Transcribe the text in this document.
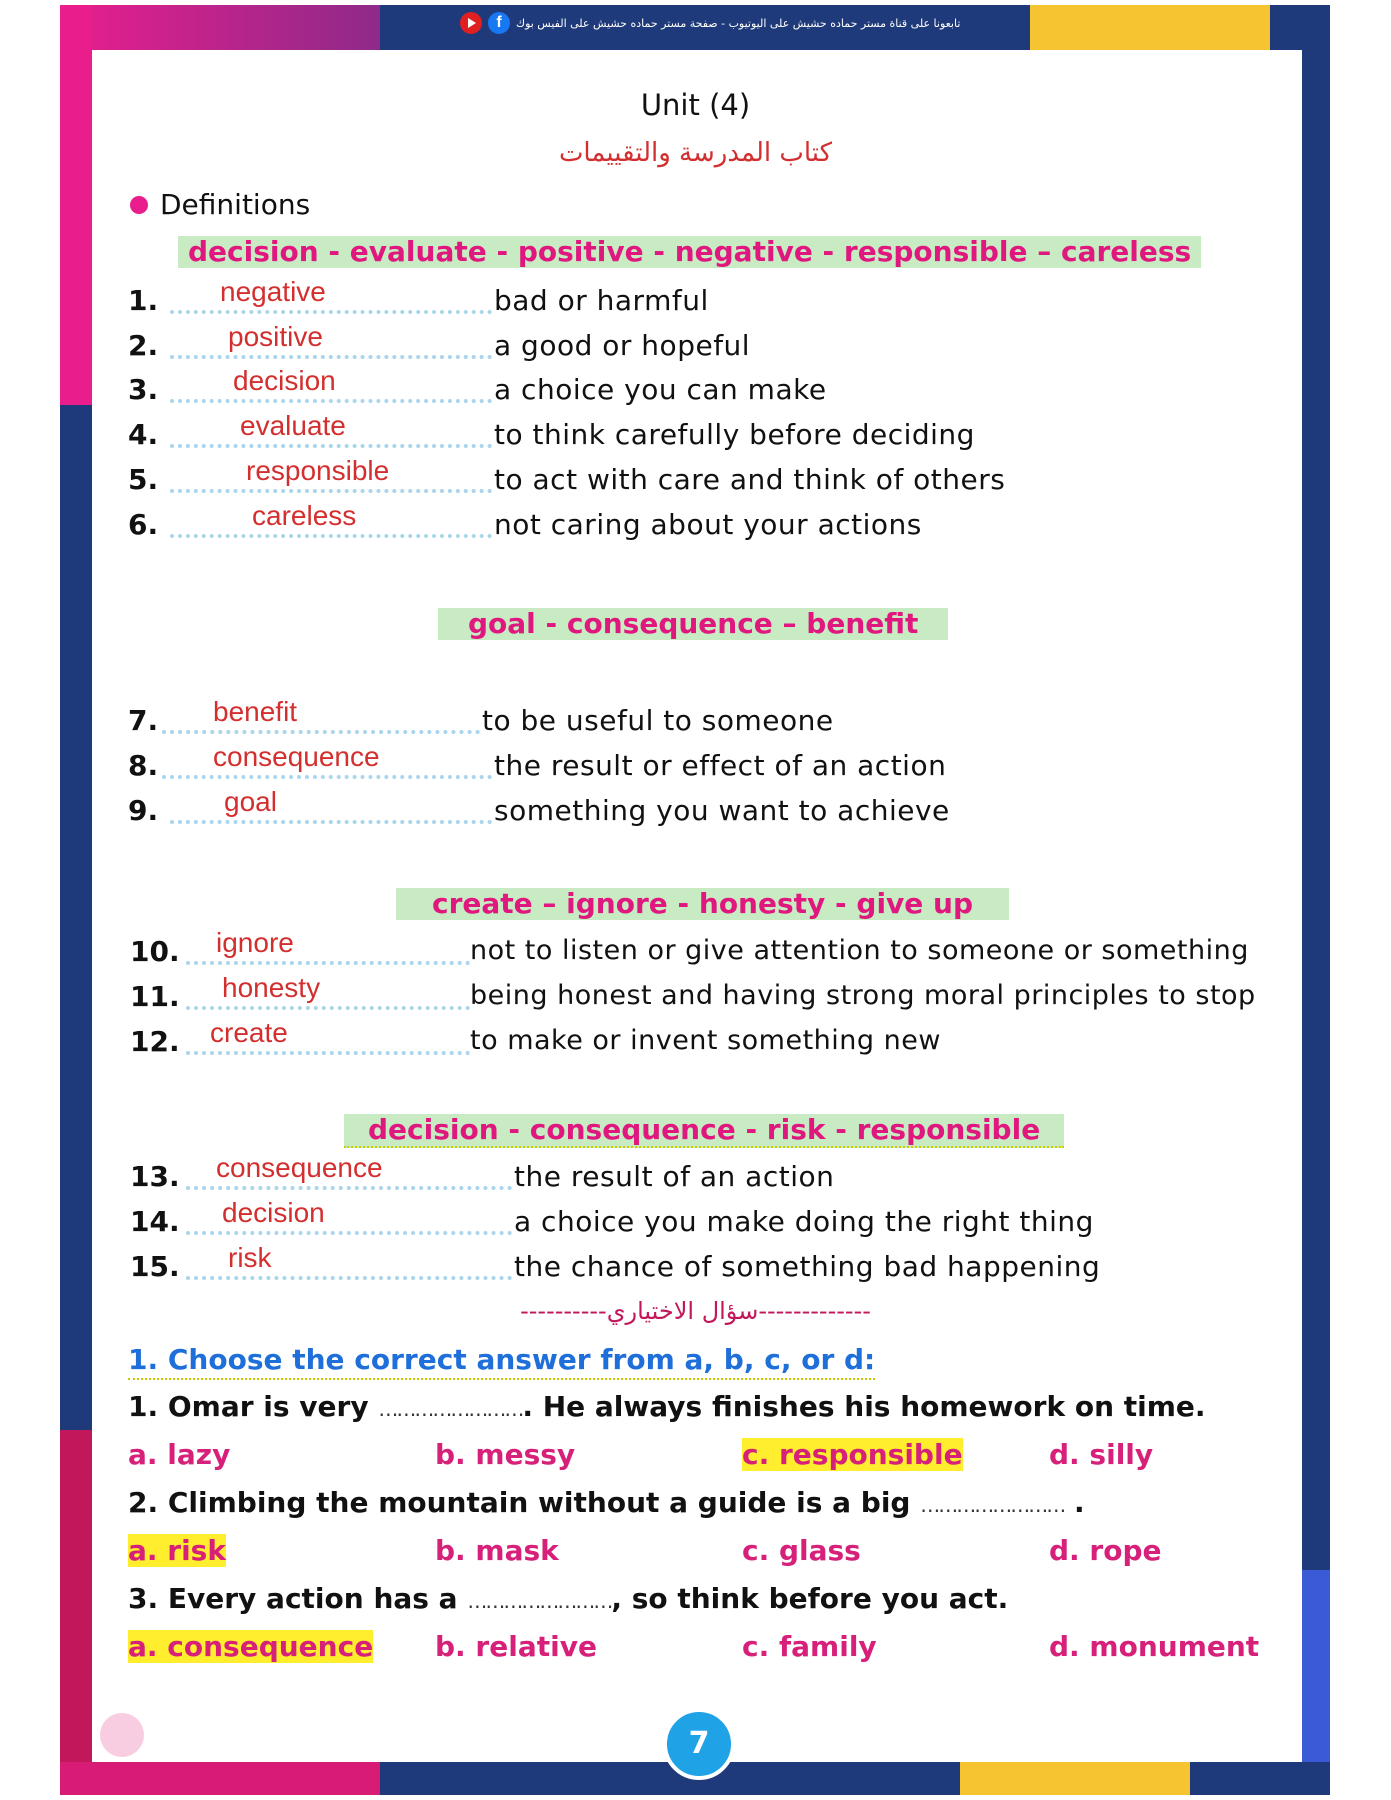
f	تابعونا على قناة مستر حماده حشيش على اليوتيوب - صفحة مستر حماده حشيش على الفيس بوك
Unit (4)
كتاب المدرسة والتقييمات
Definitions
decision - evaluate - positive - negative - responsible – careless
goal - consequence – benefit
create – ignore - honesty - give up
decision - consequence - risk - responsible
1. negative	bad or harmful
2. positive	a good or hopeful
3.	decision	a choice you can make
4.	evaluate	to think carefully before deciding
5.	responsible	to act with care and think of others
6.	careless	not caring about your actions
7. benefit	to be useful to someone
8. consequence	the result or effect of an action
9. goal	something you want to achieve
10. ignore	not to listen or give attention to someone or something
11. honesty	being honest and having strong moral principles to stop
12. create	to make or invent something new
13. consequence	the result of an action
14. decision	a choice you make doing the right thing
15. risk	the chance of something bad happening
----------سؤال الاختياري-------------
1. Choose the correct answer from a, b, c, or d:
1. Omar is very ……………………. He always finishes his homework on time.
a. lazy	b. messy	c. responsible	d. silly
2. Climbing the mountain without a guide is a big …………………… .
a. risk	b. mask	c. glass	d. rope
3. Every action has a ……………………, so think before you act.
a. consequence b. relative	c. family	d. monument
7
